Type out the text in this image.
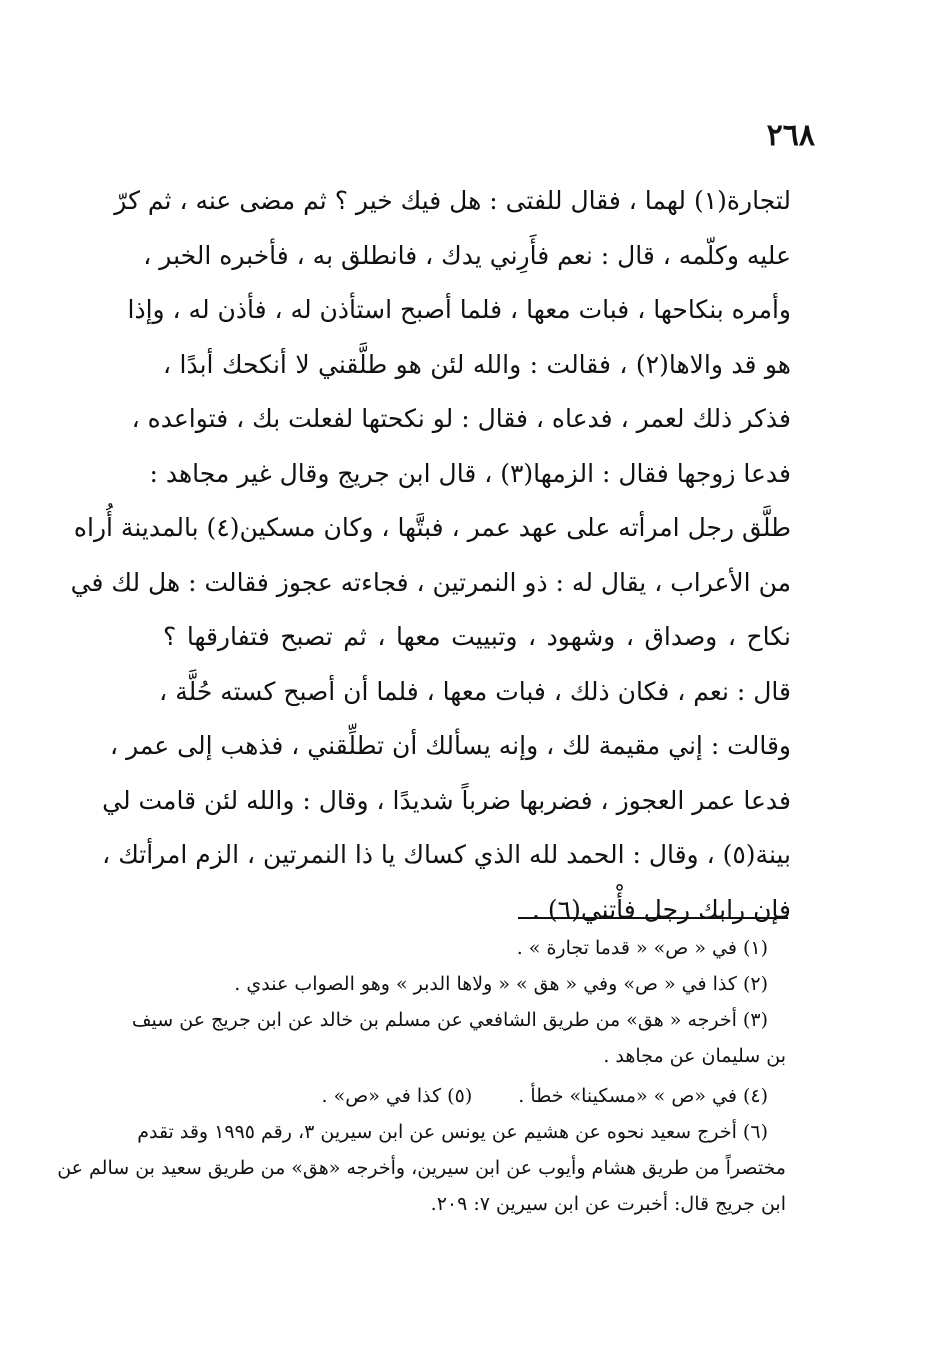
٢٦٨
لتجارة(١) لهما ، فقال للفتى : هل فيك خير ؟ ثم مضى عنه ، ثم كرّ
عليه وكلّمه ، قال : نعم فأَرِني يدك ، فانطلق به ، فأخبره الخبر ،
وأمره بنكاحها ، فبات معها ، فلما أصبح استأذن له ، فأذن له ، وإذا
هو قد والاها(٢) ، فقالت : والله لئن هو طلَّقني لا أنكحك أبدًا ،
فذكر ذلك لعمر ، فدعاه ، فقال : لو نكحتها لفعلت بك ، فتواعده ،
فدعا زوجها فقال : الزمها(٣) ، قال ابن جريج وقال غير مجاهد :
طلَّق رجل امرأته على عهد عمر ، فبتَّها ، وكان مسكين(٤) بالمدينة أُراه
من الأعراب ، يقال له : ذو النمرتين ، فجاءته عجوز فقالت : هل لك في
نكاح ، وصداق ، وشهود ، وتبييت معها ، ثم تصبح فتفارقها ؟
قال : نعم ، فكان ذلك ، فبات معها ، فلما أن أصبح كسته حُلَّة ،
وقالت : إني مقيمة لك ، وإنه يسألك أن تطلِّقني ، فذهب إلى عمر ،
فدعا عمر العجوز ، فضربها ضرباً شديدًا ، وقال : والله لئن قامت لي
بينة(٥) ، وقال : الحمد لله الذي كساك يا ذا النمرتين ، الزم امرأتك ،
فإن رابك رجل فأْتني(٦) .
(١) في « ص» « قدما تجارة » .
(٢) كذا في « ص» وفي « هق » « ولاها الدبر » وهو الصواب عندي .
(٣) أخرجه « هق» من طريق الشافعي عن مسلم بن خالد عن ابن جريج عن سيف
بن سليمان عن مجاهد .
(٤) في «ص » «مسكينا» خطأ . (٥) كذا في «ص» .
(٦) أخرج سعيد نحوه عن هشيم عن يونس عن ابن سيرين ٣، رقم ١٩٩٥ وقد تقدم
مختصراً من طريق هشام وأيوب عن ابن سيرين، وأخرجه «هق» من طريق سعيد بن سالم عن
ابن جريج قال: أخبرت عن ابن سيرين ٧: ٢٠٩.
